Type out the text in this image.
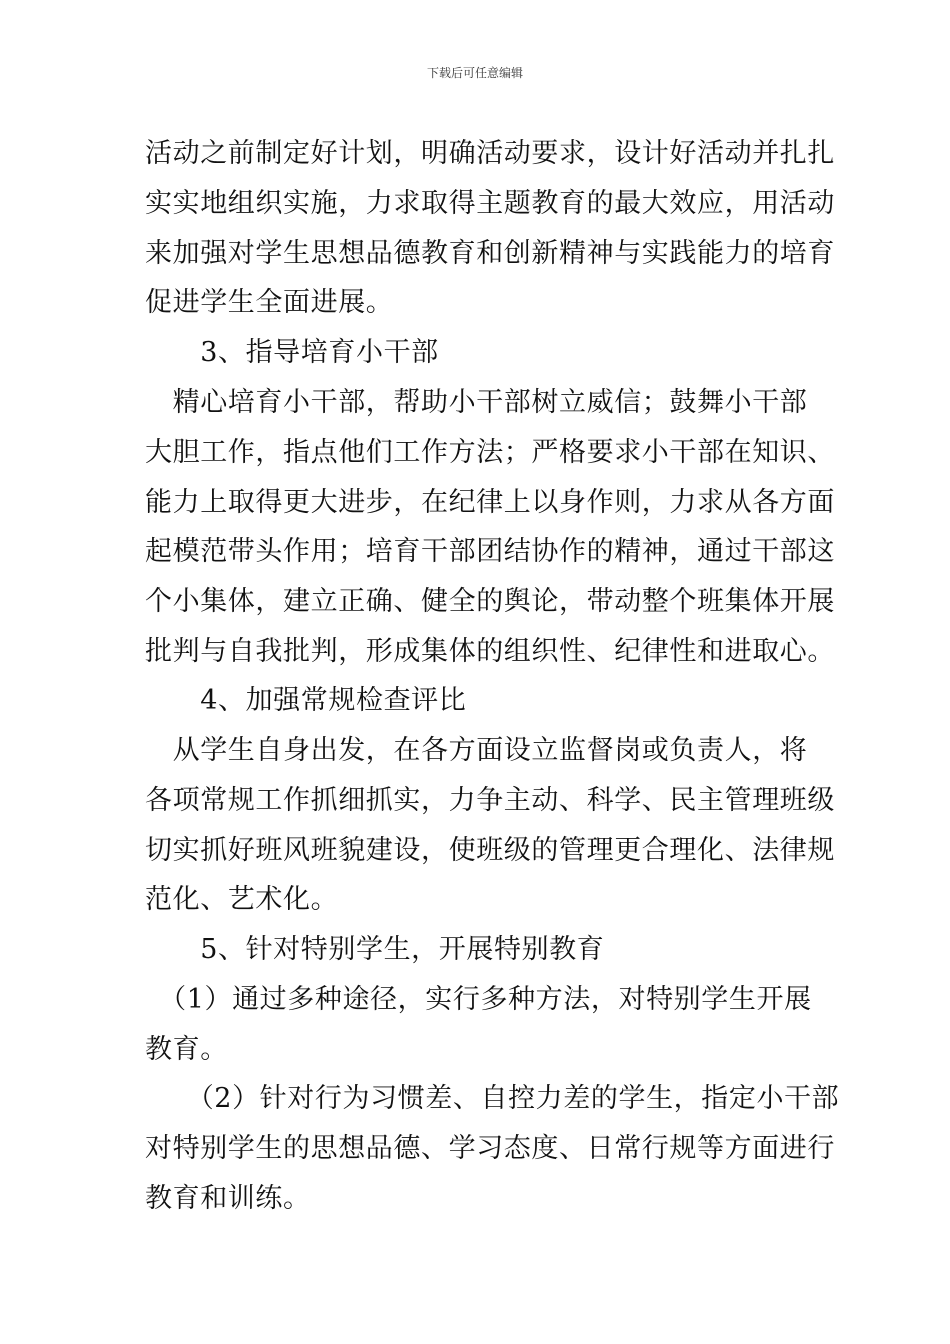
下载后可任意编辑
活动之前制定好计划，明确活动要求，设计好活动并扎扎
实实地组织实施，力求取得主题教育的最大效应，用活动
来加强对学生思想品德教育和创新精神与实践能力的培育
促进学生全面进展。
　　3、指导培育小干部
　精心培育小干部，帮助小干部树立威信；鼓舞小干部
大胆工作，指点他们工作方法；严格要求小干部在知识、
能力上取得更大进步，在纪律上以身作则，力求从各方面
起模范带头作用；培育干部团结协作的精神，通过干部这
个小集体，建立正确、健全的舆论，带动整个班集体开展
批判与自我批判，形成集体的组织性、纪律性和进取心。
　　4、加强常规检查评比
　从学生自身出发，在各方面设立监督岗或负责人，将
各项常规工作抓细抓实，力争主动、科学、民主管理班级
切实抓好班风班貌建设，使班级的管理更合理化、法律规
范化、艺术化。
　　5、针对特别学生，开展特别教育
　（1）通过多种途径，实行多种方法，对特别学生开展
教育。
　　（2）针对行为习惯差、自控力差的学生，指定小干部
对特别学生的思想品德、学习态度、日常行规等方面进行
教育和训练。
